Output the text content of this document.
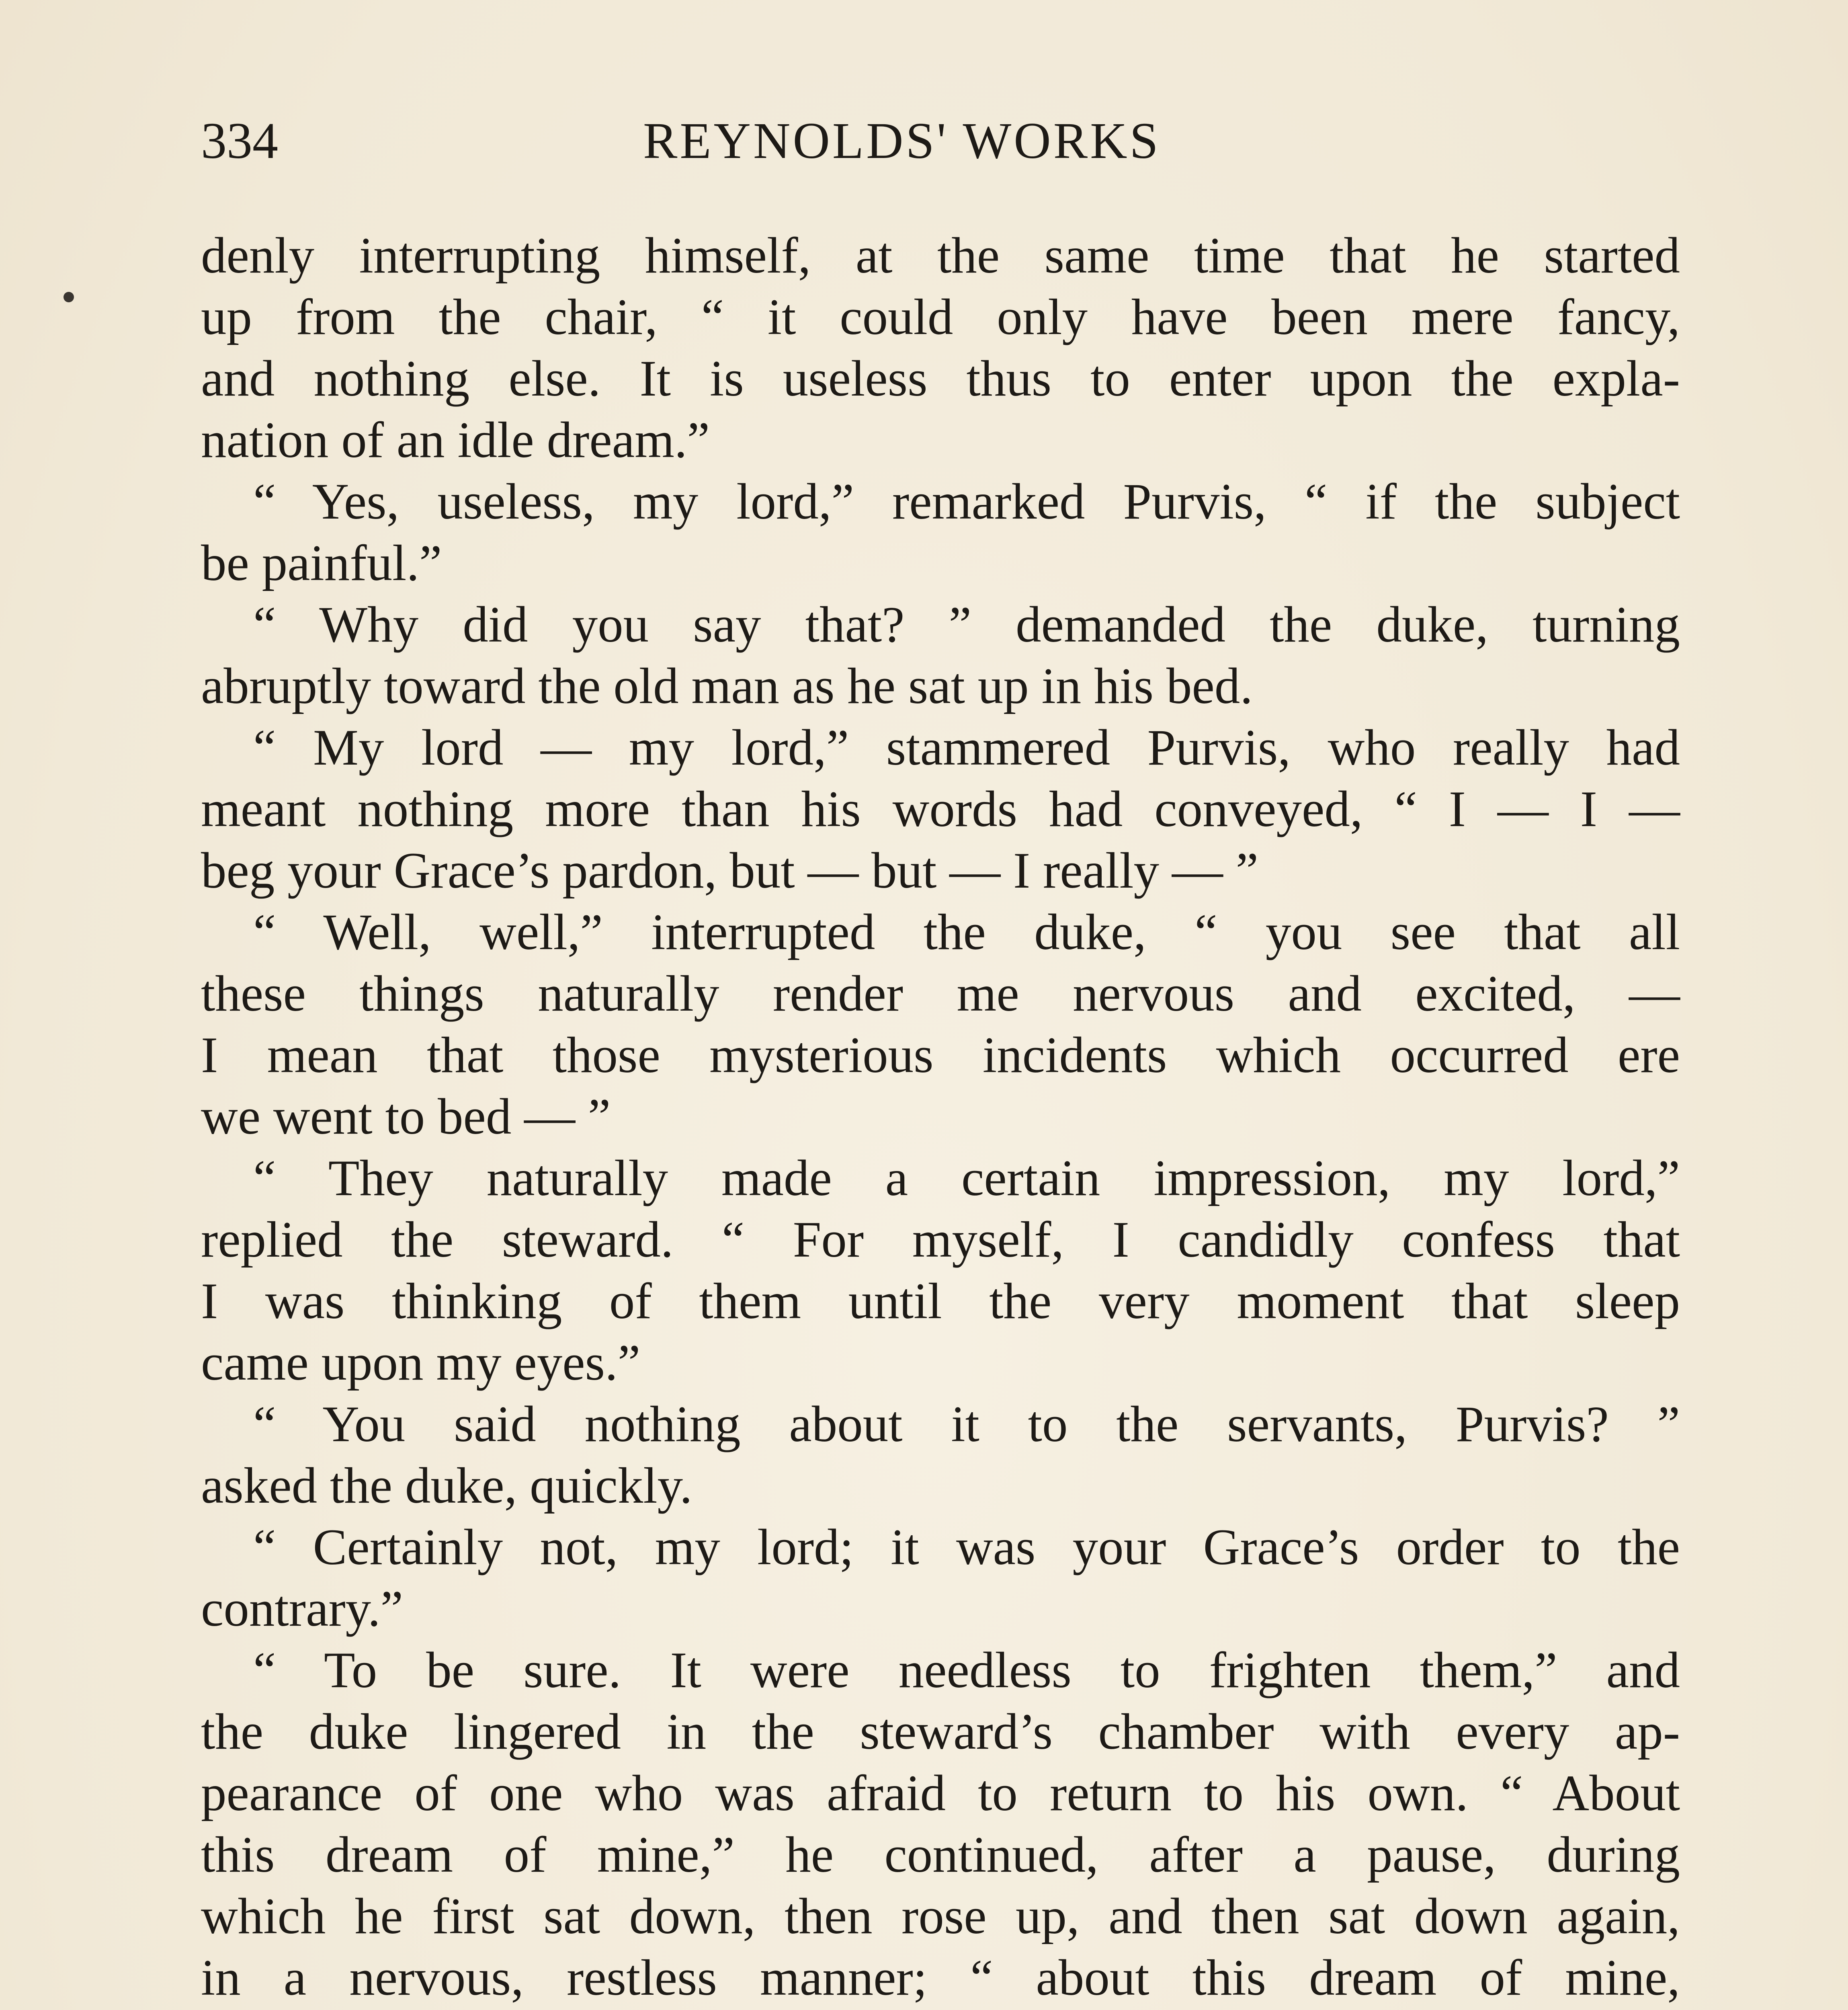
334	REYNOLDS' WORKS
denly interrupting himself, at the same time that he started
up from the chair, “ it could only have been mere fancy,
and nothing else. It is useless thus to enter upon the expla-
nation of an idle dream.”
“ Yes, useless, my lord,” remarked Purvis, “ if the subject
be painful.”
“ Why did you say that? ” demanded the duke, turning
abruptly toward the old man as he sat up in his bed.
“ My lord — my lord,” stammered Purvis, who really had
meant nothing more than his words had conveyed, “ I — I —
beg your Grace’s pardon, but — but — I really — ”
“ Well, well,” interrupted the duke, “ you see that all
these things naturally render me nervous and excited, —
I mean that those mysterious incidents which occurred ere
we went to bed — ”
“ They naturally made a certain impression, my lord,”
replied the steward. “ For myself, I candidly confess that
I was thinking of them until the very moment that sleep
came upon my eyes.”
“ You said nothing about it to the servants, Purvis? ”
asked the duke, quickly.
“ Certainly not, my lord; it was your Grace’s order to the
contrary.”
“ To be sure. It were needless to frighten them,” and
the duke lingered in the steward’s chamber with every ap-
pearance of one who was afraid to return to his own. “ About
this dream of mine,” he continued, after a pause, during
which he first sat down, then rose up, and then sat down again,
in a nervous, restless manner; “ about this dream of mine,
